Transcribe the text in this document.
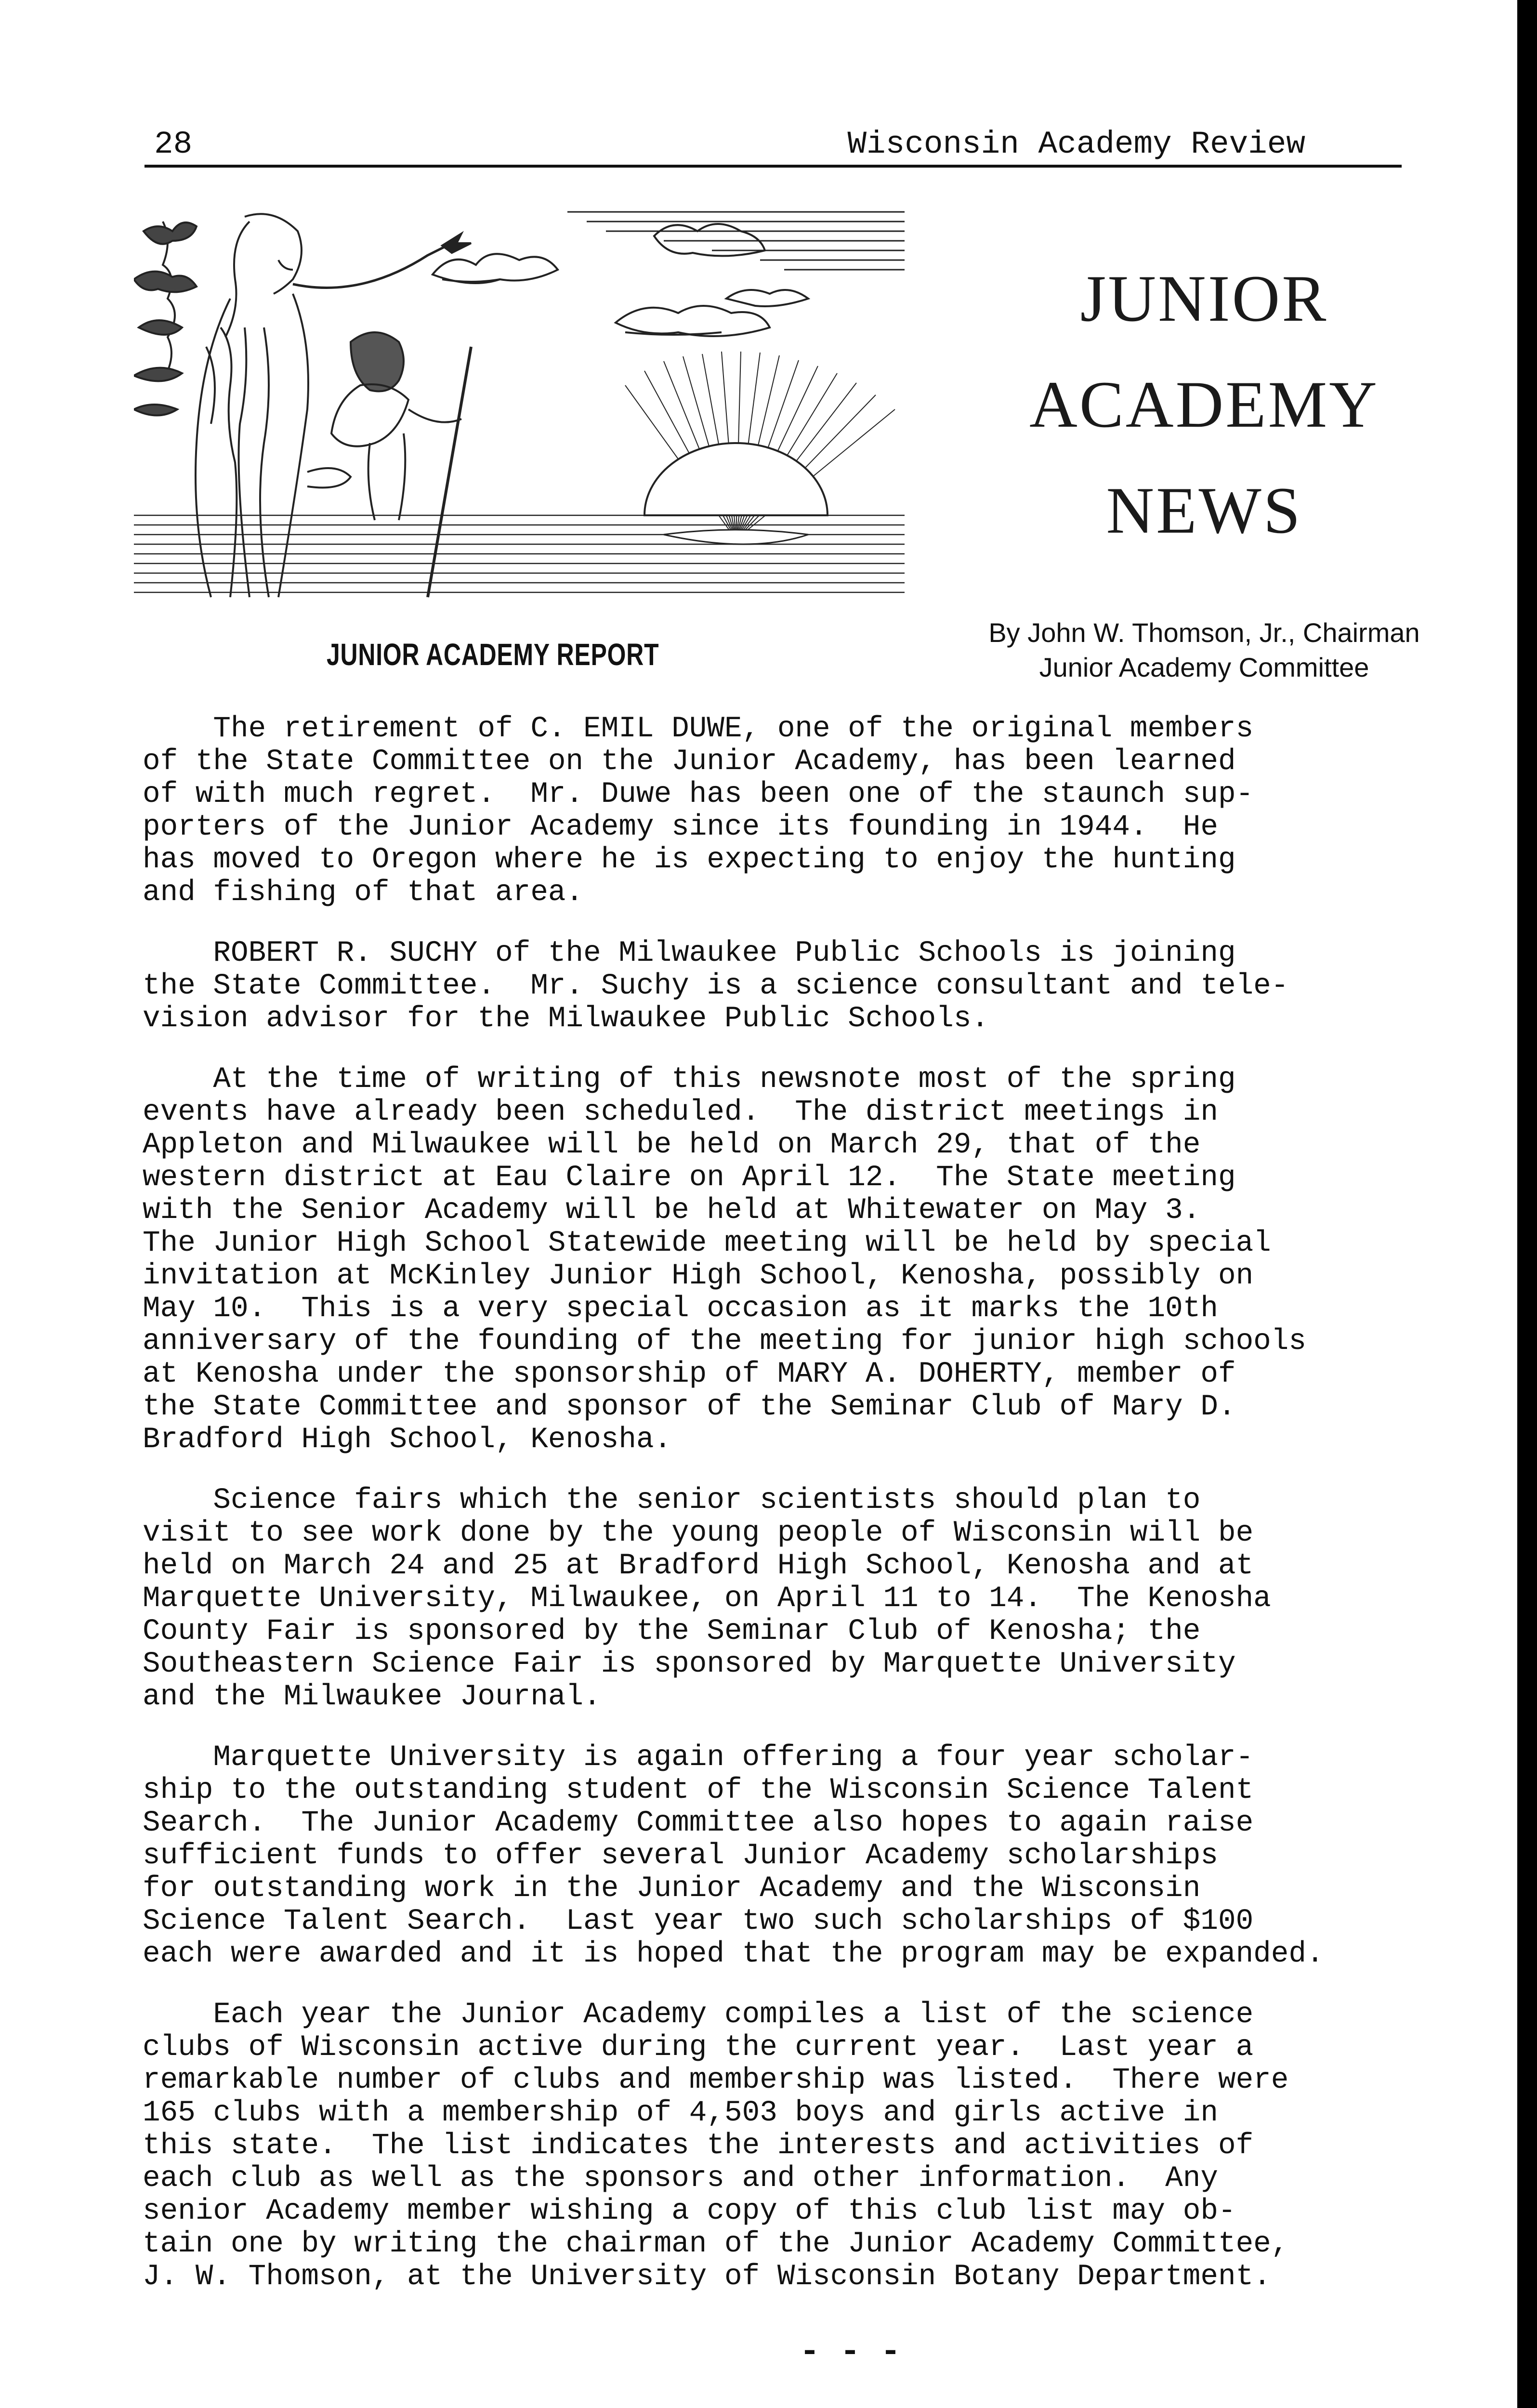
28	Wisconsin Academy Review
JUNIOR
ACADEMY
NEWS
JUNIOR ACADEMY REPORT
By John W. Thomson, Jr., Chairman
Junior Academy Committee
The retirement of C. EMIL DUWE, one of the original members
of the State Committee on the Junior Academy, has been learned
of with much regret.  Mr. Duwe has been one of the staunch sup-
porters of the Junior Academy since its founding in 1944.  He
has moved to Oregon where he is expecting to enjoy the hunting
and fishing of that area.
ROBERT R. SUCHY of the Milwaukee Public Schools is joining
the State Committee.  Mr. Suchy is a science consultant and tele-
vision advisor for the Milwaukee Public Schools.
At the time of writing of this newsnote most of the spring
events have already been scheduled.  The district meetings in
Appleton and Milwaukee will be held on March 29, that of the
western district at Eau Claire on April 12.  The State meeting
with the Senior Academy will be held at Whitewater on May 3.
The Junior High School Statewide meeting will be held by special
invitation at McKinley Junior High School, Kenosha, possibly on
May 10.  This is a very special occasion as it marks the 10th
anniversary of the founding of the meeting for junior high schools
at Kenosha under the sponsorship of MARY A. DOHERTY, member of
the State Committee and sponsor of the Seminar Club of Mary D.
Bradford High School, Kenosha.
Science fairs which the senior scientists should plan to
visit to see work done by the young people of Wisconsin will be
held on March 24 and 25 at Bradford High School, Kenosha and at
Marquette University, Milwaukee, on April 11 to 14.  The Kenosha
County Fair is sponsored by the Seminar Club of Kenosha; the
Southeastern Science Fair is sponsored by Marquette University
and the Milwaukee Journal.
Marquette University is again offering a four year scholar-
ship to the outstanding student of the Wisconsin Science Talent
Search.  The Junior Academy Committee also hopes to again raise
sufficient funds to offer several Junior Academy scholarships
for outstanding work in the Junior Academy and the Wisconsin
Science Talent Search.  Last year two such scholarships of $100
each were awarded and it is hoped that the program may be expanded.
Each year the Junior Academy compiles a list of the science
clubs of Wisconsin active during the current year.  Last year a
remarkable number of clubs and membership was listed.  There were
165 clubs with a membership of 4,503 boys and girls active in
this state.  The list indicates the interests and activities of
each club as well as the sponsors and other information.  Any
senior Academy member wishing a copy of this club list may ob-
tain one by writing the chairman of the Junior Academy Committee,
J. W. Thomson, at the University of Wisconsin Botany Department.
- - -
